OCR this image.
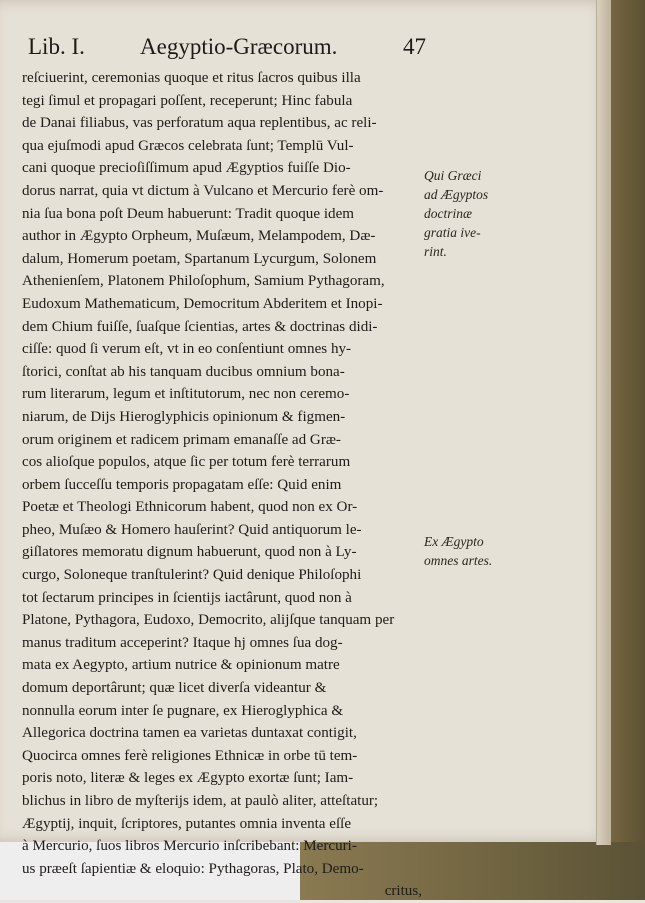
Lib. I. Aegyptio-Græcorum.	47
reſciuerint, ceremonias quoque et ritus ſacros quibus illa
tegi ſimul et propagari poſſent, receperunt; Hinc fabula
de Danai filiabus, vas perforatum aqua replentibus, ac reli-
qua ejuſmodi apud Græcos celebrata ſunt; Templū Vul-
cani quoque precioſiſſimum apud Ægyptios fuiſſe Dio-
dorus narrat, quia vt dictum à Vulcano et Mercurio ferè om-
nia ſua bona poſt Deum habuerunt: Tradit quoque idem
author in Ægypto Orpheum, Muſæum, Melampodem, Dæ-
dalum, Homerum poetam, Spartanum Lycurgum, Solonem
Athenienſem, Platonem Philoſophum, Samium Pythagoram,
Eudoxum Mathematicum, Democritum Abderitem et Inopi-
dem Chium fuiſſe, ſuaſque ſcientias, artes & doctrinas didi-
ciſſe: quod ſi verum eſt, vt in eo conſentiunt omnes hy-
ſtorici, conſtat ab his tanquam ducibus omnium bona-
rum literarum, legum et inſtitutorum, nec non ceremo-
niarum, de Dijs Hieroglyphicis opinionum & figmen-
orum originem et radicem primam emanaſſe ad Græ-
cos alioſque populos, atque ſic per totum ferè terrarum
orbem ſucceſſu temporis propagatam eſſe: Quid enim
Poetæ et Theologi Ethnicorum habent, quod non ex Or-
pheo, Muſæo & Homero hauſerint? Quid antiquorum le-
giſlatores memoratu dignum habuerunt, quod non à Ly-
curgo, Soloneque tranſtulerint? Quid denique Philoſophi
tot ſectarum principes in ſcientijs iactârunt, quod non à
Platone, Pythagora, Eudoxo, Democrito, alijſque tanquam per
manus traditum acceperint? Itaque hj omnes ſua dog-
mata ex Aegypto, artium nutrice & opinionum matre
domum deportârunt; quæ licet diverſa videantur &
nonnulla eorum inter ſe pugnare, ex Hieroglyphica &
Allegorica doctrina tamen ea varietas duntaxat contigit,
Quocirca omnes ferè religiones Ethnicæ in orbe tū tem-
poris noto, literæ & leges ex Ægypto exortæ ſunt; Iam-
blichus in libro de myſterijs idem, at paulò aliter, atteſtatur;
Ægyptij, inquit, ſcriptores, putantes omnia inventa eſſe
à Mercurio, ſuos libros Mercurio inſcribebant: Mercuri-
us præeſt ſapientiæ & eloquio: Pythagoras, Plato, Demo-
critus,
Qui Græci
ad Ægyptos
doctrinæ
gratia ive-
rint.
Ex Ægypto
omnes artes.
